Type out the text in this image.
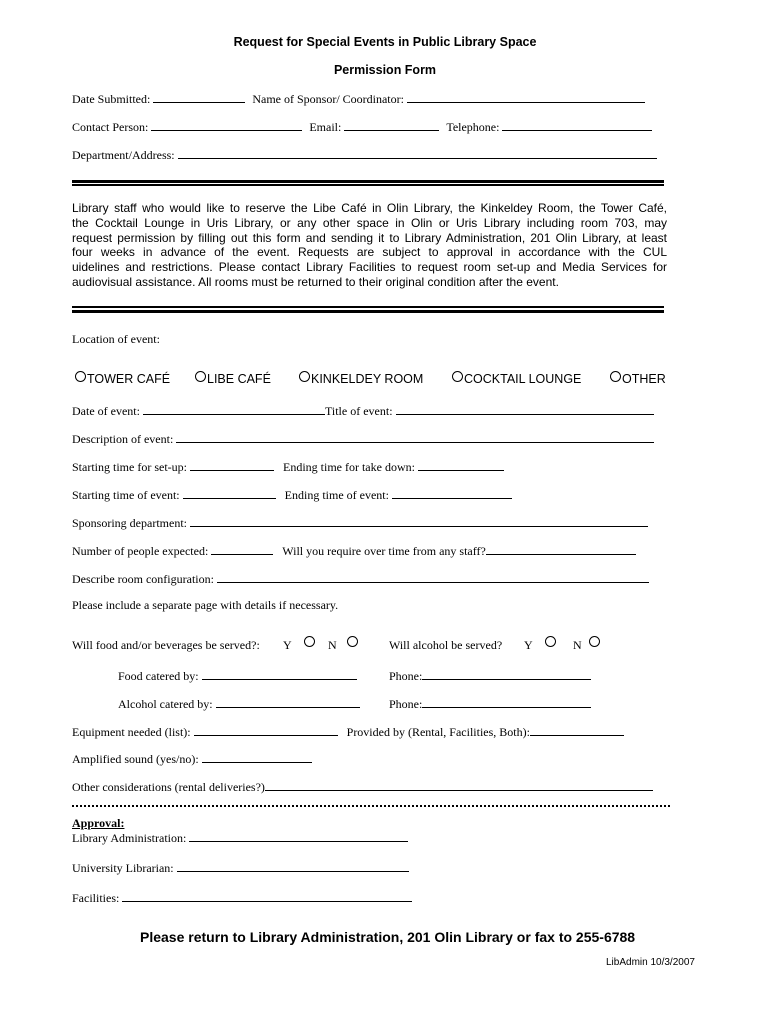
Request for Special Events in Public Library Space
Permission Form
Date Submitted:	Name of Sponsor/ Coordinator:
Contact Person:	Email:	Telephone:
Department/Address:
Library staff who would like to reserve the Libe Café in Olin Library, the Kinkeldey Room, the Tower Café,
the Cocktail Lounge in Uris Library, or any other space in Olin or Uris Library including room 703, may
request permission by filling out this form and sending it to Library Administration, 201 Olin Library, at least
four weeks in advance of the event. Requests are subject to approval in accordance with the CUL
uidelines and restrictions. Please contact Library Facilities to request room set-up and Media Services for
audiovisual assistance. All rooms must be returned to their original condition after the event.
Location of event:
TOWER CAFÉ	LIBE CAFÉ	KINKELDEY ROOM	COCKTAIL LOUNGE	OTHER
Date of event:	Title of event:
Description of event:
Starting time for set-up:	Ending time for take down:
Starting time of event:	Ending time of event:
Sponsoring department:
Number of people expected:	Will you require over time from any staff?
Describe room configuration:
Please include a separate page with details if necessary.
Will food and/or beverages be served?: Y	N	Will alcohol be served? Y	N
Food catered by:	Phone:
Alcohol catered by:	Phone:
Equipment needed (list):	Provided by (Rental, Facilities, Both):
Amplified sound (yes/no):
Other considerations (rental deliveries?)
Approval:
Library Administration:
University Librarian:
Facilities:
Please return to Library Administration, 201 Olin Library or fax to 255-6788
LibAdmin 10/3/2007
